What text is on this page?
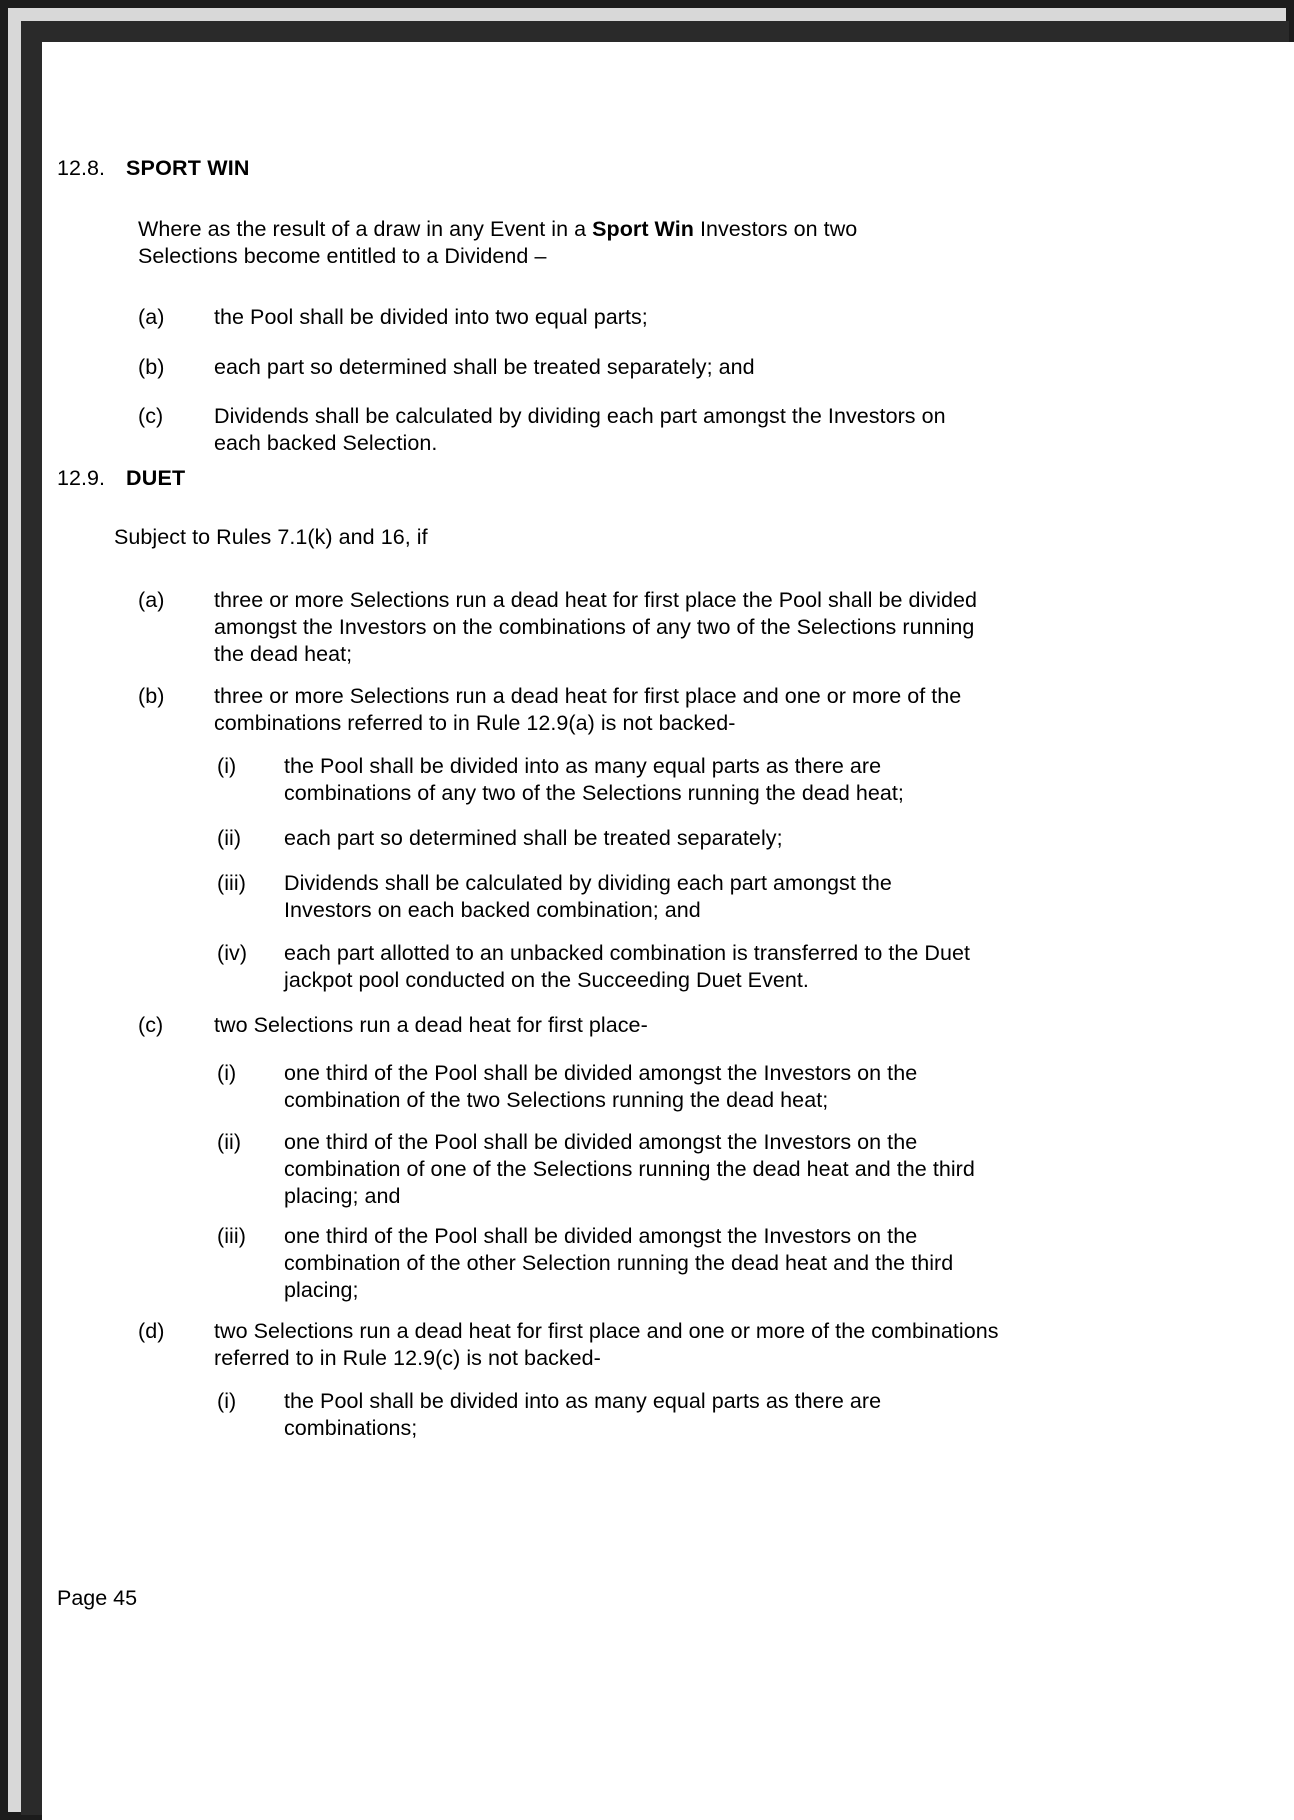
12.8. SPORT WIN
Where as the result of a draw in any Event in a Sport Win Investors on two Selections become entitled to a Dividend –
(a)	the Pool shall be divided into two equal parts;
(b)	each part so determined shall be treated separately; and
(c)	Dividends shall be calculated by dividing each part amongst the Investors on each backed Selection.
12.9. DUET
Subject to Rules 7.1(k) and 16, if
(a)	three or more Selections run a dead heat for first place the Pool shall be divided amongst the Investors on the combinations of any two of the Selections running the dead heat;
(b)	three or more Selections run a dead heat for first place and one or more of the combinations referred to in Rule 12.9(a) is not backed-
(i)	the Pool shall be divided into as many equal parts as there are combinations of any two of the Selections running the dead heat;
(ii)	each part so determined shall be treated separately;
(iii)	Dividends shall be calculated by dividing each part amongst the Investors on each backed combination; and
(iv)	each part allotted to an unbacked combination is transferred to the Duet jackpot pool conducted on the Succeeding Duet Event.
(c)	two Selections run a dead heat for first place-
(i)	one third of the Pool shall be divided amongst the Investors on the combination of the two Selections running the dead heat;
(ii)	one third of the Pool shall be divided amongst the Investors on the combination of one of the Selections running the dead heat and the third placing; and
(iii)	one third of the Pool shall be divided amongst the Investors on the combination of the other Selection running the dead heat and the third placing;
(d)	two Selections run a dead heat for first place and one or more of the combinations referred to in Rule 12.9(c) is not backed-
(i)	the Pool shall be divided into as many equal parts as there are combinations;
Page 45
